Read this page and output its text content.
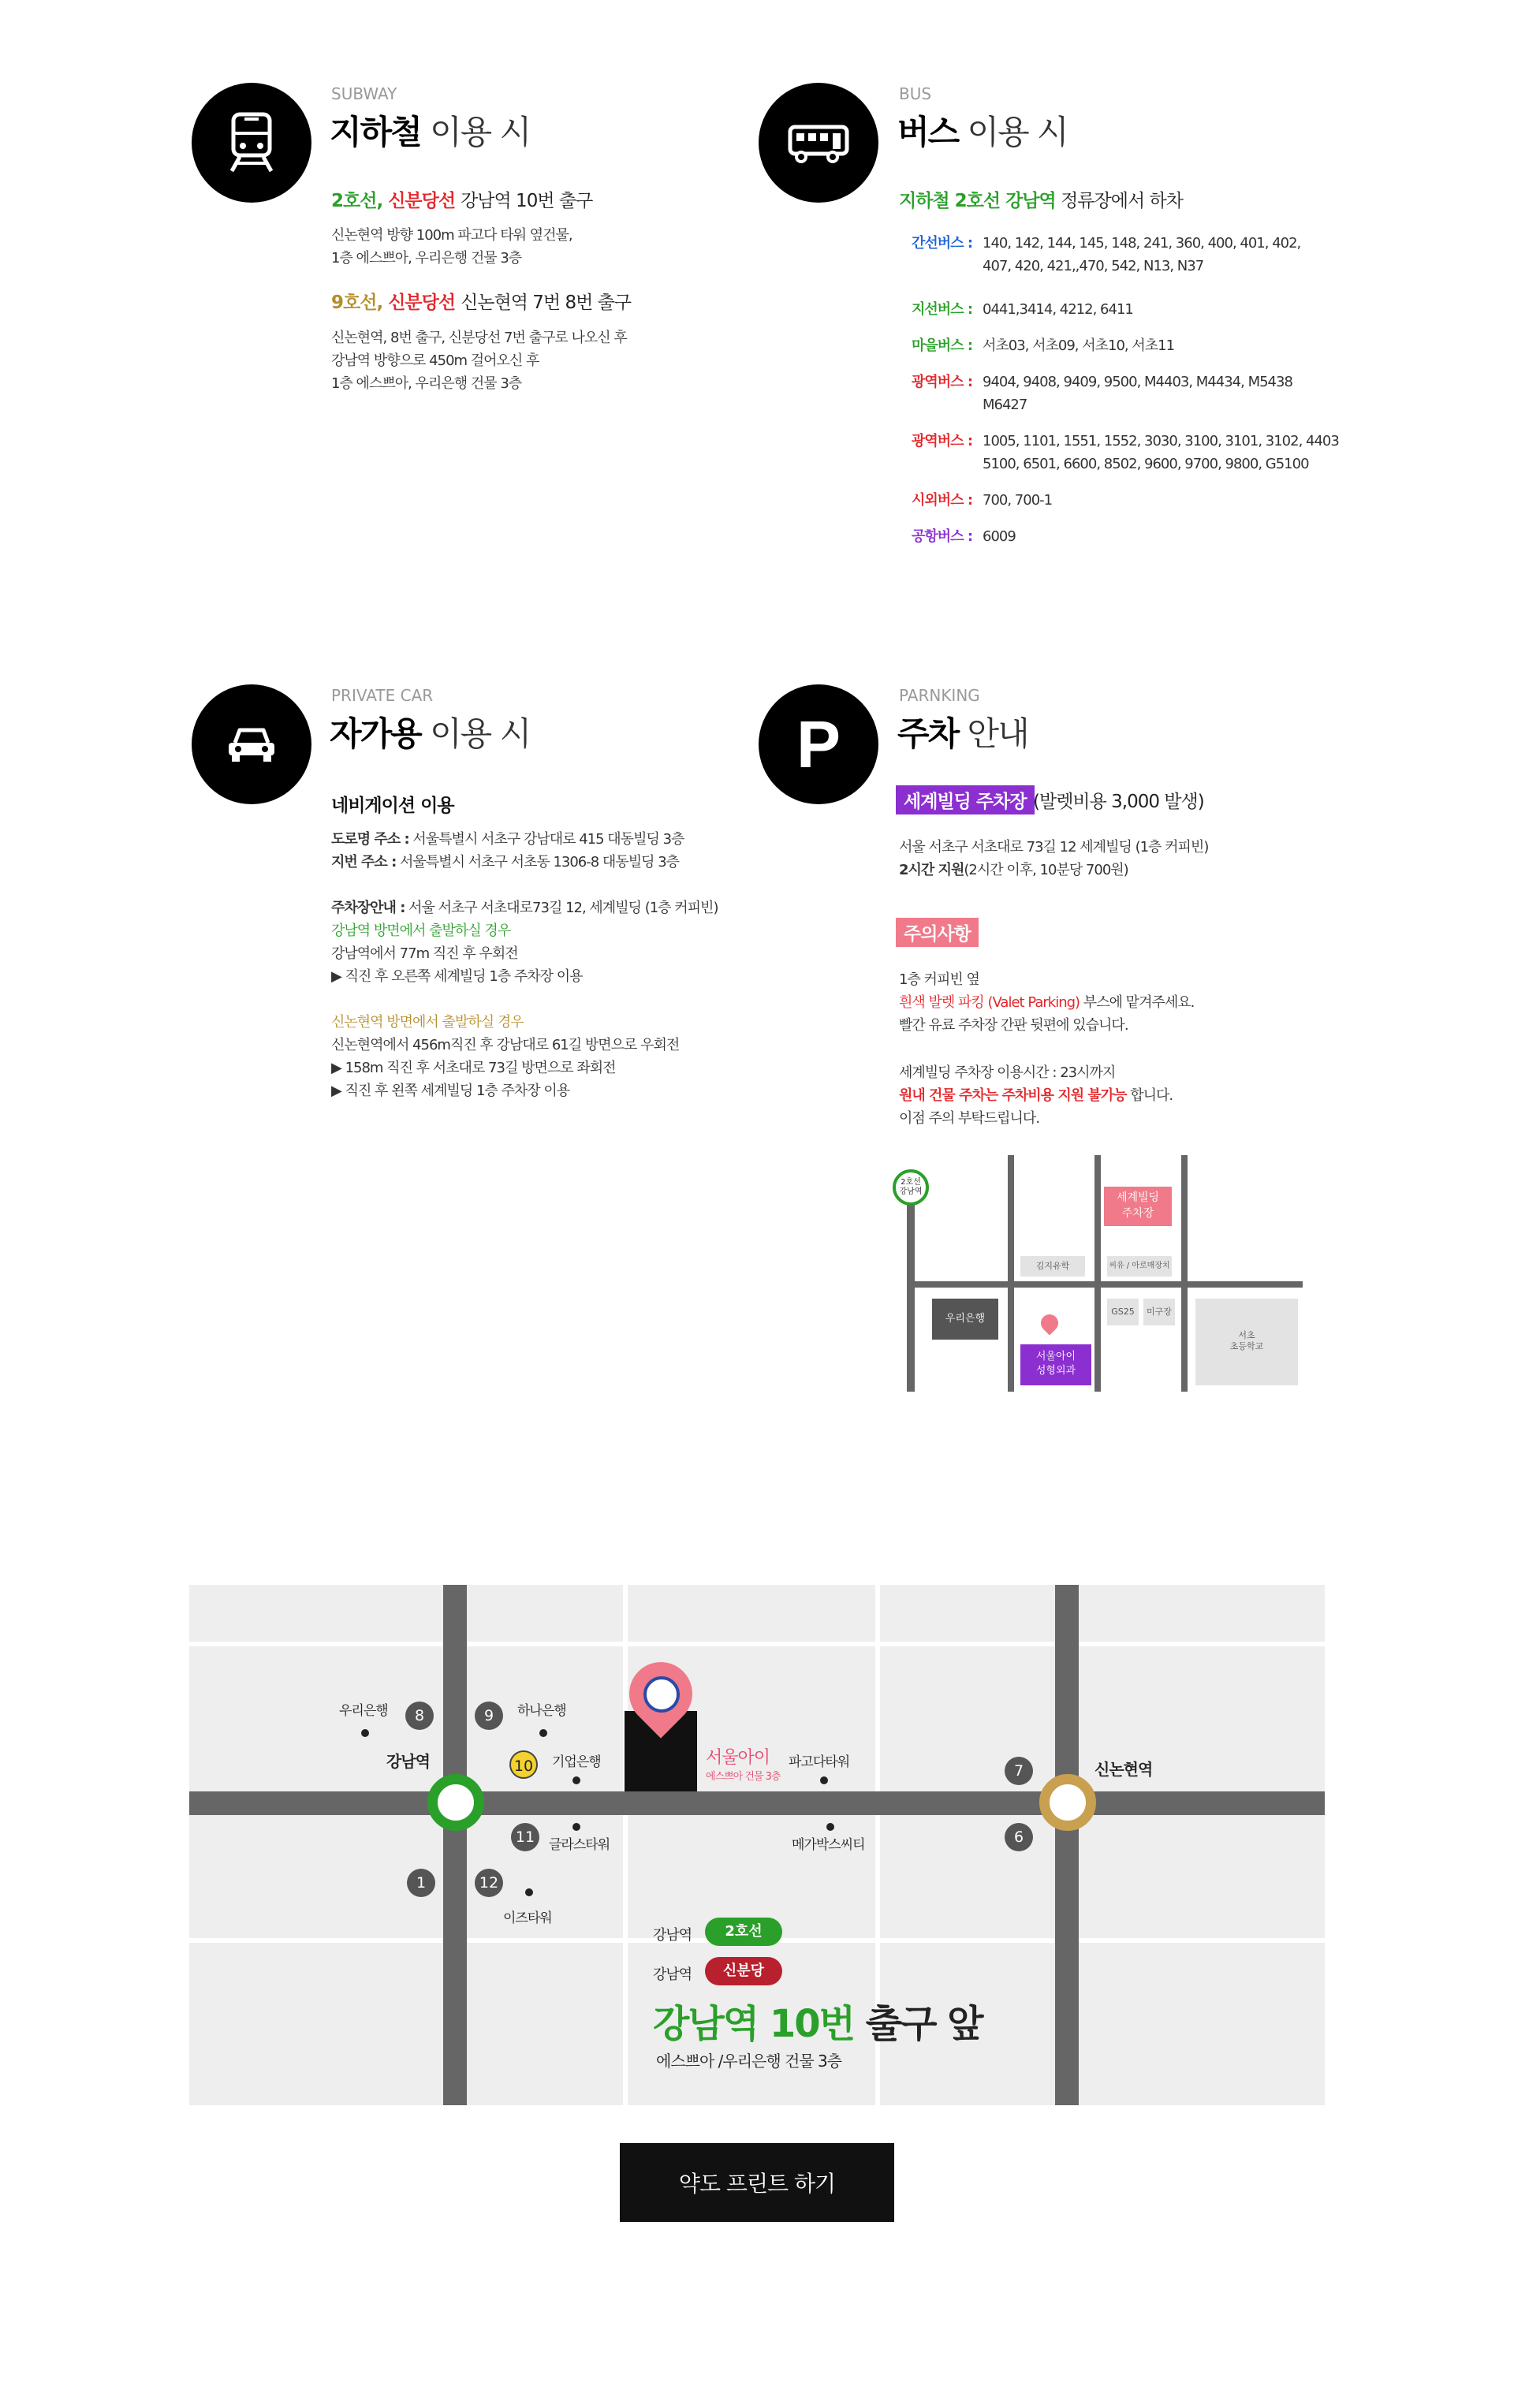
SUBWAY
지하철 이용 시
2호선, 신분당선 강남역 10번 출구
신논현역 방향 100m 파고다 타워 옆건물,
1층 에스쁘아, 우리은행 건물 3층
9호선, 신분당선 신논현역 7번 8번 출구
신논현역, 8번 출구, 신분당선 7번 출구로 나오신 후
강남역 방향으로 450m 걸어오신 후
1층 에스쁘아, 우리은행 건물 3층
BUS
버스 이용 시
지하철 2호선 강남역 정류장에서 하차
간선버스 : 140, 142, 144, 145, 148, 241, 360, 400, 401, 402,
407, 420, 421,,470, 542, N13, N37
지선버스 : 0441,3414, 4212, 6411
마을버스 : 서초03, 서초09, 서초10, 서초11
광역버스 : 9404, 9408, 9409, 9500, M4403, M4434, M5438
M6427
광역버스 : 1005, 1101, 1551, 1552, 3030, 3100, 3101, 3102, 4403
5100, 6501, 6600, 8502, 9600, 9700, 9800, G5100
시외버스 : 700, 700-1
공항버스 : 6009
PRIVATE CAR
자가용 이용 시
네비게이션 이용
도로명 주소 : 서울특별시 서초구 강남대로 415 대동빌딩 3층
지번 주소 : 서울특별시 서초구 서초동 1306-8 대동빌딩 3층
주차장안내 : 서울 서초구 서초대로73길 12, 세계빌딩 (1층 커피빈)
강남역 방면에서 출발하실 경우
강남역에서 77m 직진 후 우회전
▶ 직진 후 오른쪽 세계빌딩 1층 주차장 이용
신논현역 방면에서 출발하실 경우
신논현역에서 456m직진 후 강남대로 61길 방면으로 우회전
▶ 158m 직진 후 서초대로 73길 방면으로 좌회전
▶ 직진 후 왼쪽 세계빌딩 1층 주차장 이용
P
PARNKING
주차 안내
세계빌딩 주차장 (발렛비용 3,000 발생)
서울 서초구 서초대로 73길 12 세계빌딩 (1층 커피빈)
2시간 지원(2시간 이후, 10분당 700원)
주의사항
1층 커피빈 옆
흰색 발렛 파킹 (Valet Parking) 부스에 맡겨주세요.
빨간 유료 주차장 간판 뒷편에 있습니다.
세계빌딩 주차장 이용시간 : 23시까지
원내 건물 주차는 주차비용 지원 불가능 합니다.
이점 주의 부탁드립니다.
2호선
강남역	세계빌딩
주차장
김지유학	씨유 / 아로매장치
우리은행
GS25	미구장
서초
초등학교
서울아이
성형외과
강남역	신논현역
서울아이
에스쁘아 건물 3층
우리은행	하나은행
기업은행	파고다타워
글라스타워	메가박스씨티
이즈타워
8	9
10
11
1	12
7
6
강남역	2호선
강남역	신분당
강남역 10번 출구 앞
에스쁘아 /우리은행 건물 3층
약도 프린트 하기
